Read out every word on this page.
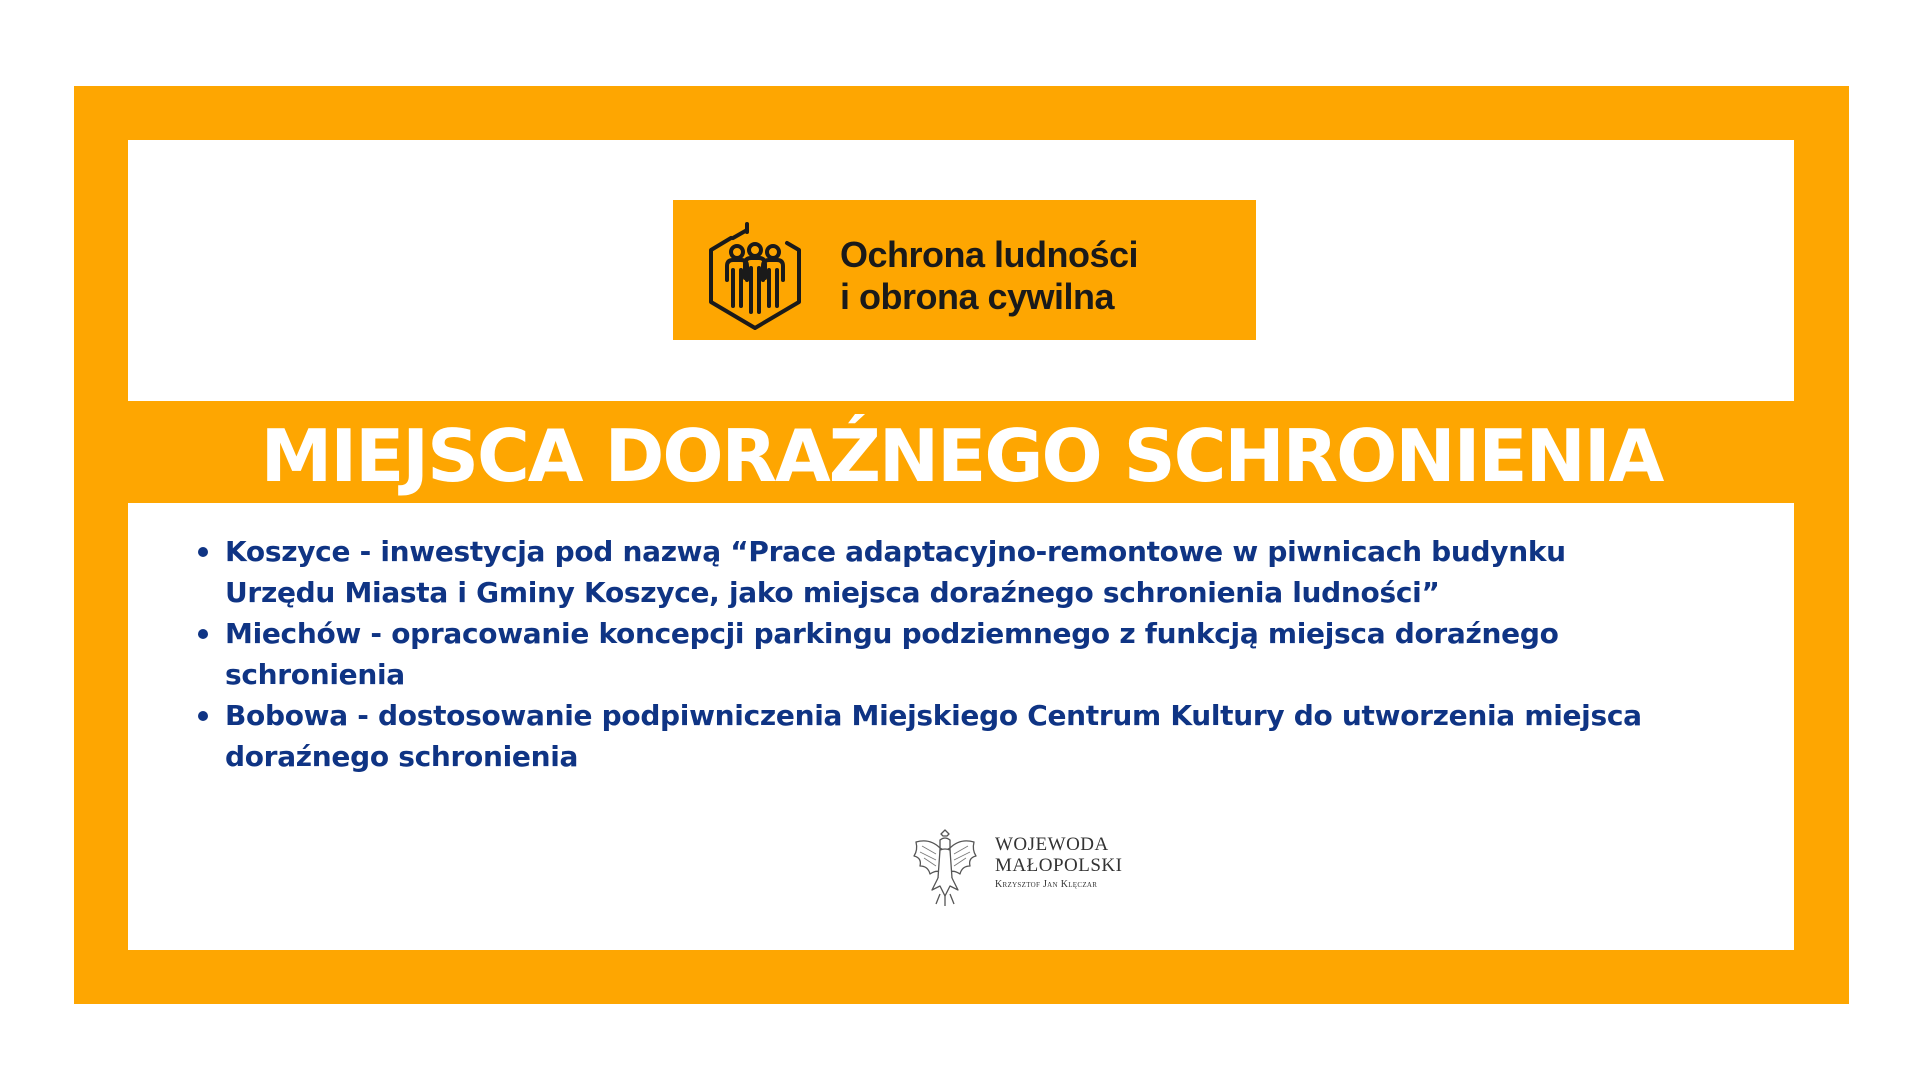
Ochrona ludności
i obrona cywilna
MIEJSCA DORAŹNEGO SCHRONIENIA
Koszyce - inwestycja pod nazwą “Prace adaptacyjno-remontowe w piwnicach budynku
Urzędu Miasta i Gminy Koszyce, jako miejsca doraźnego schronienia ludności”
Miechów - opracowanie koncepcji parkingu podziemnego z funkcją miejsca doraźnego
schronienia
Bobowa - dostosowanie podpiwniczenia Miejskiego Centrum Kultury do utworzenia miejsca
doraźnego schronienia
WOJEWODA
MAŁOPOLSKI
Krzysztof Jan Klęczar
